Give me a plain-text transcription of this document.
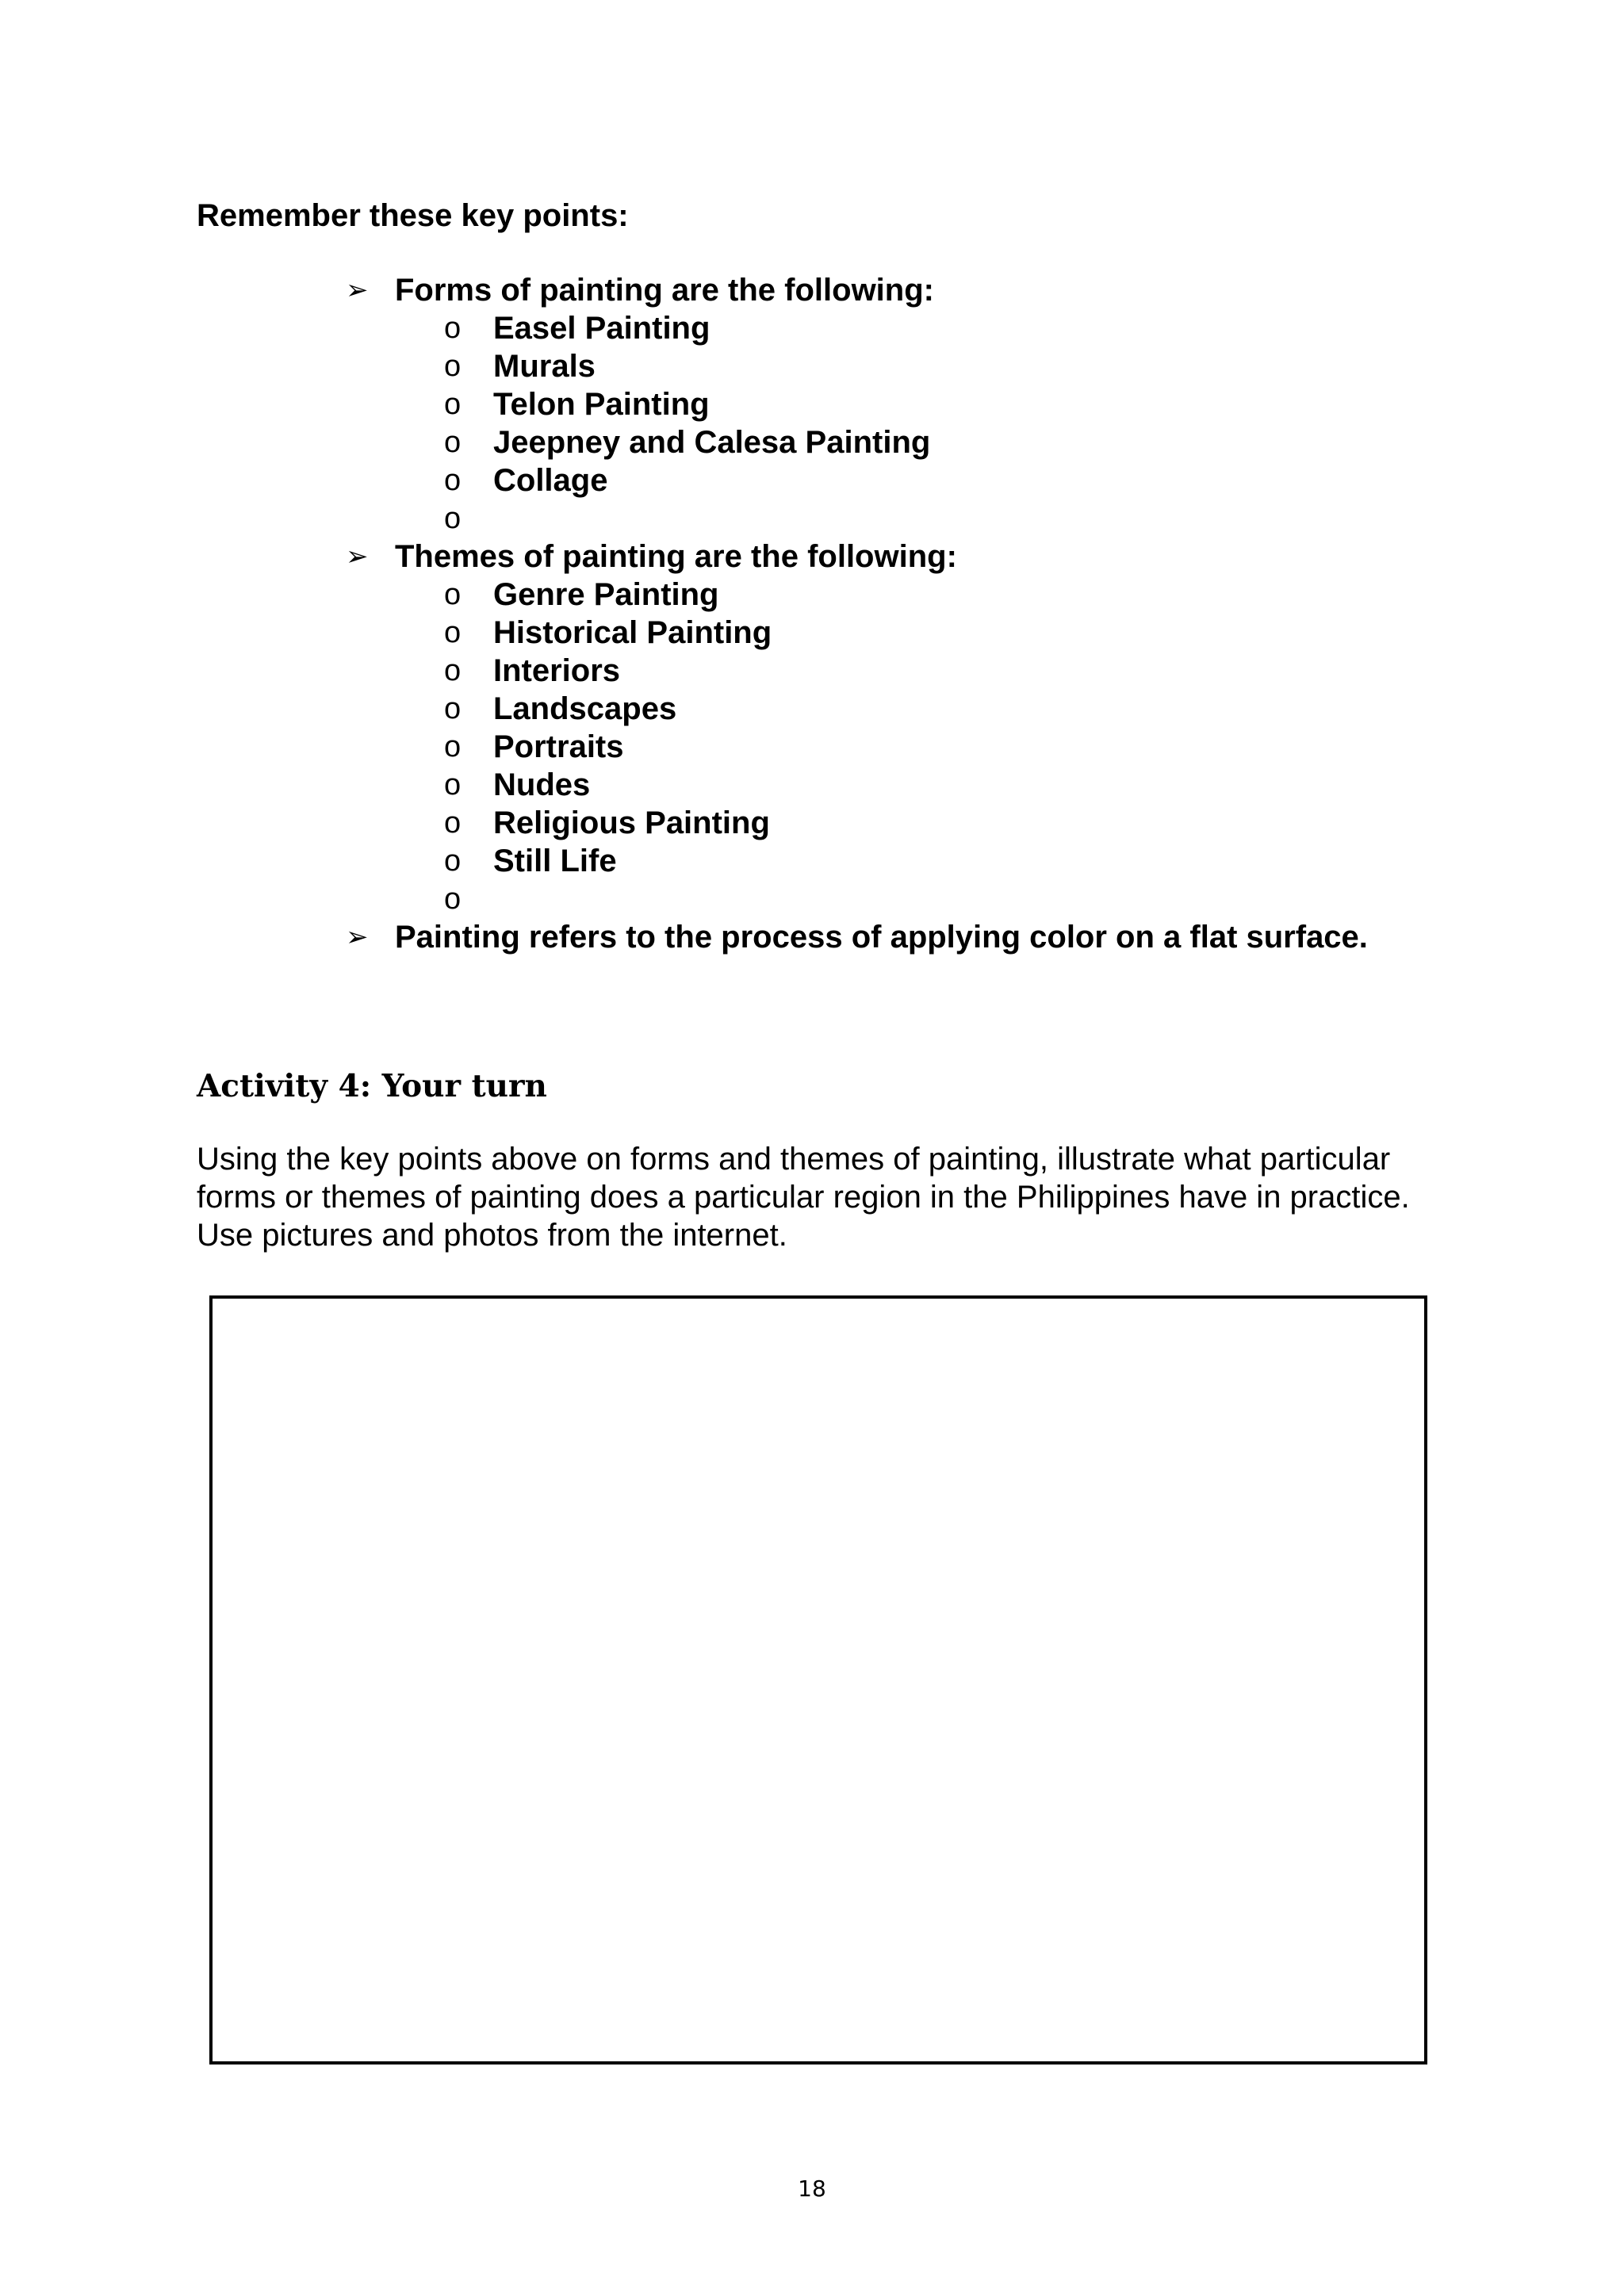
Remember these key points:
➢ Forms of painting are the following:
o Easel Painting
o Murals
o Telon Painting
o Jeepney and Calesa Painting
o Collage
o
➢ Themes of painting are the following:
o Genre Painting
o Historical Painting
o Interiors
o Landscapes
o Portraits
o Nudes
o Religious Painting
o Still Life
o
➢ Painting refers to the process of applying color on a flat surface.
Activity 4: Your turn
Using the key points above on forms and themes of painting, illustrate what particular
forms or themes of painting does a particular region in the Philippines have in practice.
Use pictures and photos from the internet.
18
